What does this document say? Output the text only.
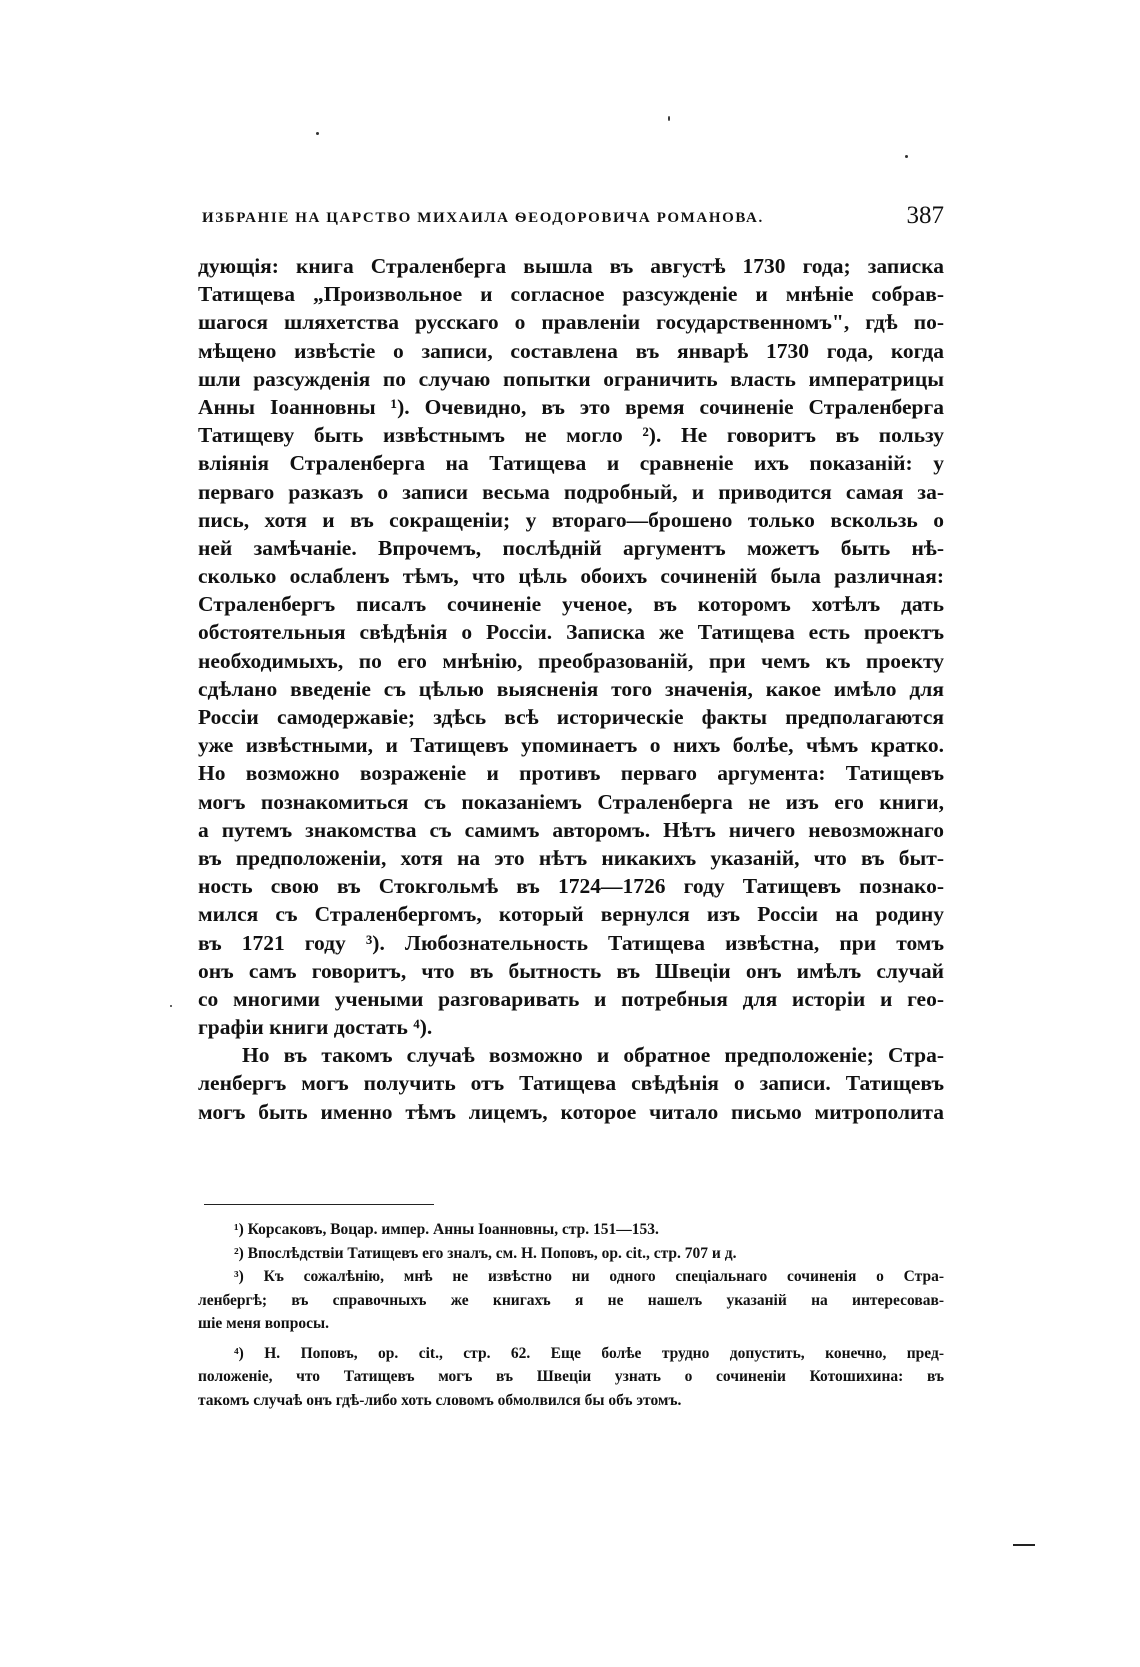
ИЗБРАНІЕ НА ЦАРСТВО МИХАИЛА ѲЕОДОРОВИЧА РОМАНОВА.	387
дующія: книга Страленберга вышла въ августѣ 1730 года; записка
Татищева „Произвольное и согласное разсужденіе и мнѣніе собрав-
шагося шляхетства русскаго о правленіи государственномъ", гдѣ по-
мѣщено извѣстіе о записи, составлена въ январѣ 1730 года, когда
шли разсужденія по случаю попытки ограничить власть императрицы
Анны Іоанновны ¹). Очевидно, въ это время сочиненіе Страленберга
Татищеву быть извѣстнымъ не могло ²). Не говоритъ въ пользу
вліянія Страленберга на Татищева и сравненіе ихъ показаній: у
перваго разказъ о записи весьма подробный, и приводится самая за-
пись, хотя и въ сокращеніи; у втораго—брошено только вскользь о
ней замѣчаніе. Впрочемъ, послѣдній аргументъ можетъ быть нѣ-
сколько ослабленъ тѣмъ, что цѣль обоихъ сочиненій была различная:
Страленбергъ писалъ сочиненіе ученое, въ которомъ хотѣлъ дать
обстоятельныя свѣдѣнія о Россіи. Записка же Татищева есть проектъ
необходимыхъ, по его мнѣнію, преобразованій, при чемъ къ проекту
сдѣлано введеніе съ цѣлью выясненія того значенія, какое имѣло для
Россіи самодержавіе; здѣсь всѣ историческіе факты предполагаются
уже извѣстными, и Татищевъ упоминаетъ о нихъ болѣе, чѣмъ кратко.
Но возможно возраженіе и противъ перваго аргумента: Татищевъ
могъ познакомиться съ показаніемъ Страленберга не изъ его книги,
а путемъ знакомства съ самимъ авторомъ. Нѣтъ ничего невозможнаго
въ предположеніи, хотя на это нѣтъ никакихъ указаній, что въ быт-
ность свою въ Стокгольмѣ въ 1724—1726 году Татищевъ познако-
мился съ Страленбергомъ, который вернулся изъ Россіи на родину
въ 1721 году ³). Любознательность Татищева извѣстна, при томъ
онъ самъ говоритъ, что въ бытность въ Швеціи онъ имѣлъ случай
со многими учеными разговаривать и потребныя для исторіи и гео-
графіи книги достать ⁴).
Но въ такомъ случаѣ возможно и обратное предположеніе; Стра-
ленбергъ могъ получить отъ Татищева свѣдѣнія о записи. Татищевъ
могъ быть именно тѣмъ лицемъ, которое читало письмо митрополита
¹) Корсаковъ, Воцар. импер. Анны Іоанновны, стр. 151—153.
²) Впослѣдствіи Татищевъ его зналъ, см. Н. Поповъ, op. cit., стр. 707 и д.
³) Къ сожалѣнію, мнѣ не извѣстно ни одного спеціальнаго сочиненія о Стра-
ленбергѣ; въ справочныхъ же книгахъ я не нашелъ указаній на интересовав-
шіе меня вопросы.
⁴) Н. Поповъ, op. cit., стр. 62. Еще болѣе трудно допустить, конечно, пред-
положеніе, что Татищевъ могъ въ Швеціи узнать о сочиненіи Котошихина: въ
такомъ случаѣ онъ гдѣ-либо хоть словомъ обмолвился бы объ этомъ.
